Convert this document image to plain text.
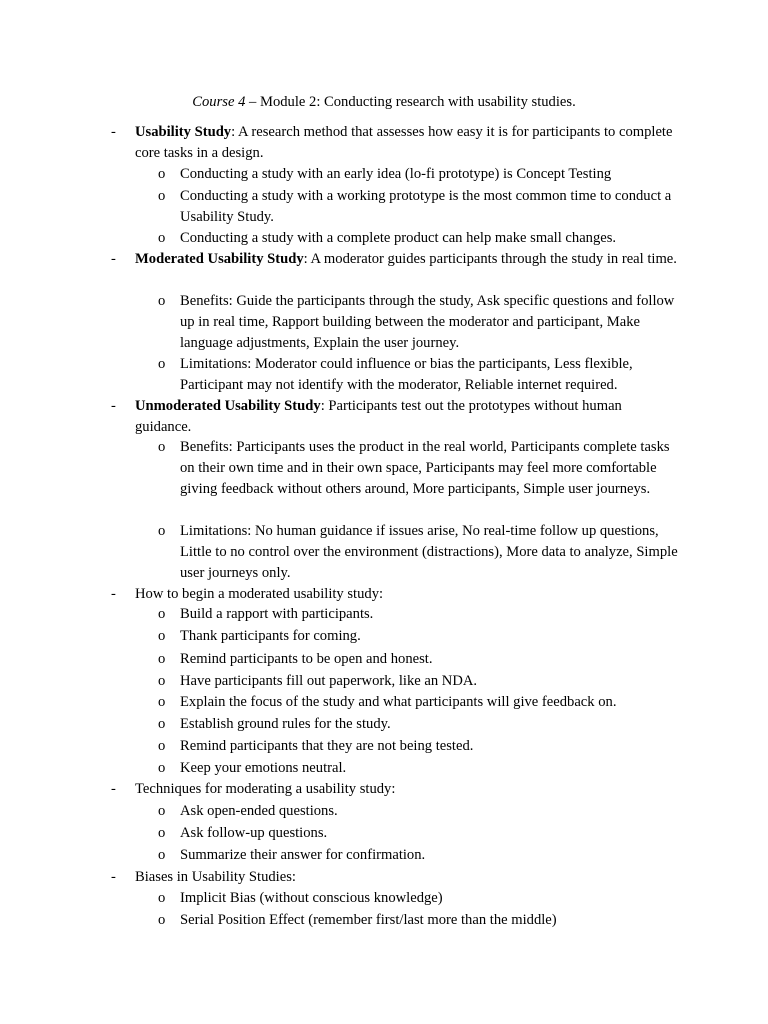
Course 4 – Module 2: Conducting research with usability studies.
- Usability Study: A research method that assesses how easy it is for participants to complete core tasks in a design.
o Conducting a study with an early idea (lo-fi prototype) is Concept Testing
o Conducting a study with a working prototype is the most common time to conduct a Usability Study.
o Conducting a study with a complete product can help make small changes.
- Moderated Usability Study: A moderator guides participants through the study in real time.
o Benefits: Guide the participants through the study, Ask specific questions and follow up in real time, Rapport building between the moderator and participant, Make language adjustments, Explain the user journey.
o Limitations: Moderator could influence or bias the participants, Less flexible, Participant may not identify with the moderator, Reliable internet required.
- Unmoderated Usability Study: Participants test out the prototypes without human guidance.
o Benefits: Participants uses the product in the real world, Participants complete tasks on their own time and in their own space, Participants may feel more comfortable giving feedback without others around, More participants, Simple user journeys.
o Limitations: No human guidance if issues arise, No real-time follow up questions, Little to no control over the environment (distractions), More data to analyze, Simple user journeys only.
- How to begin a moderated usability study:
o Build a rapport with participants.
o Thank participants for coming.
o Remind participants to be open and honest.
o Have participants fill out paperwork, like an NDA.
o Explain the focus of the study and what participants will give feedback on.
o Establish ground rules for the study.
o Remind participants that they are not being tested.
o Keep your emotions neutral.
- Techniques for moderating a usability study:
o Ask open-ended questions.
o Ask follow-up questions.
o Summarize their answer for confirmation.
- Biases in Usability Studies:
o Implicit Bias (without conscious knowledge)
o Serial Position Effect (remember first/last more than the middle)
